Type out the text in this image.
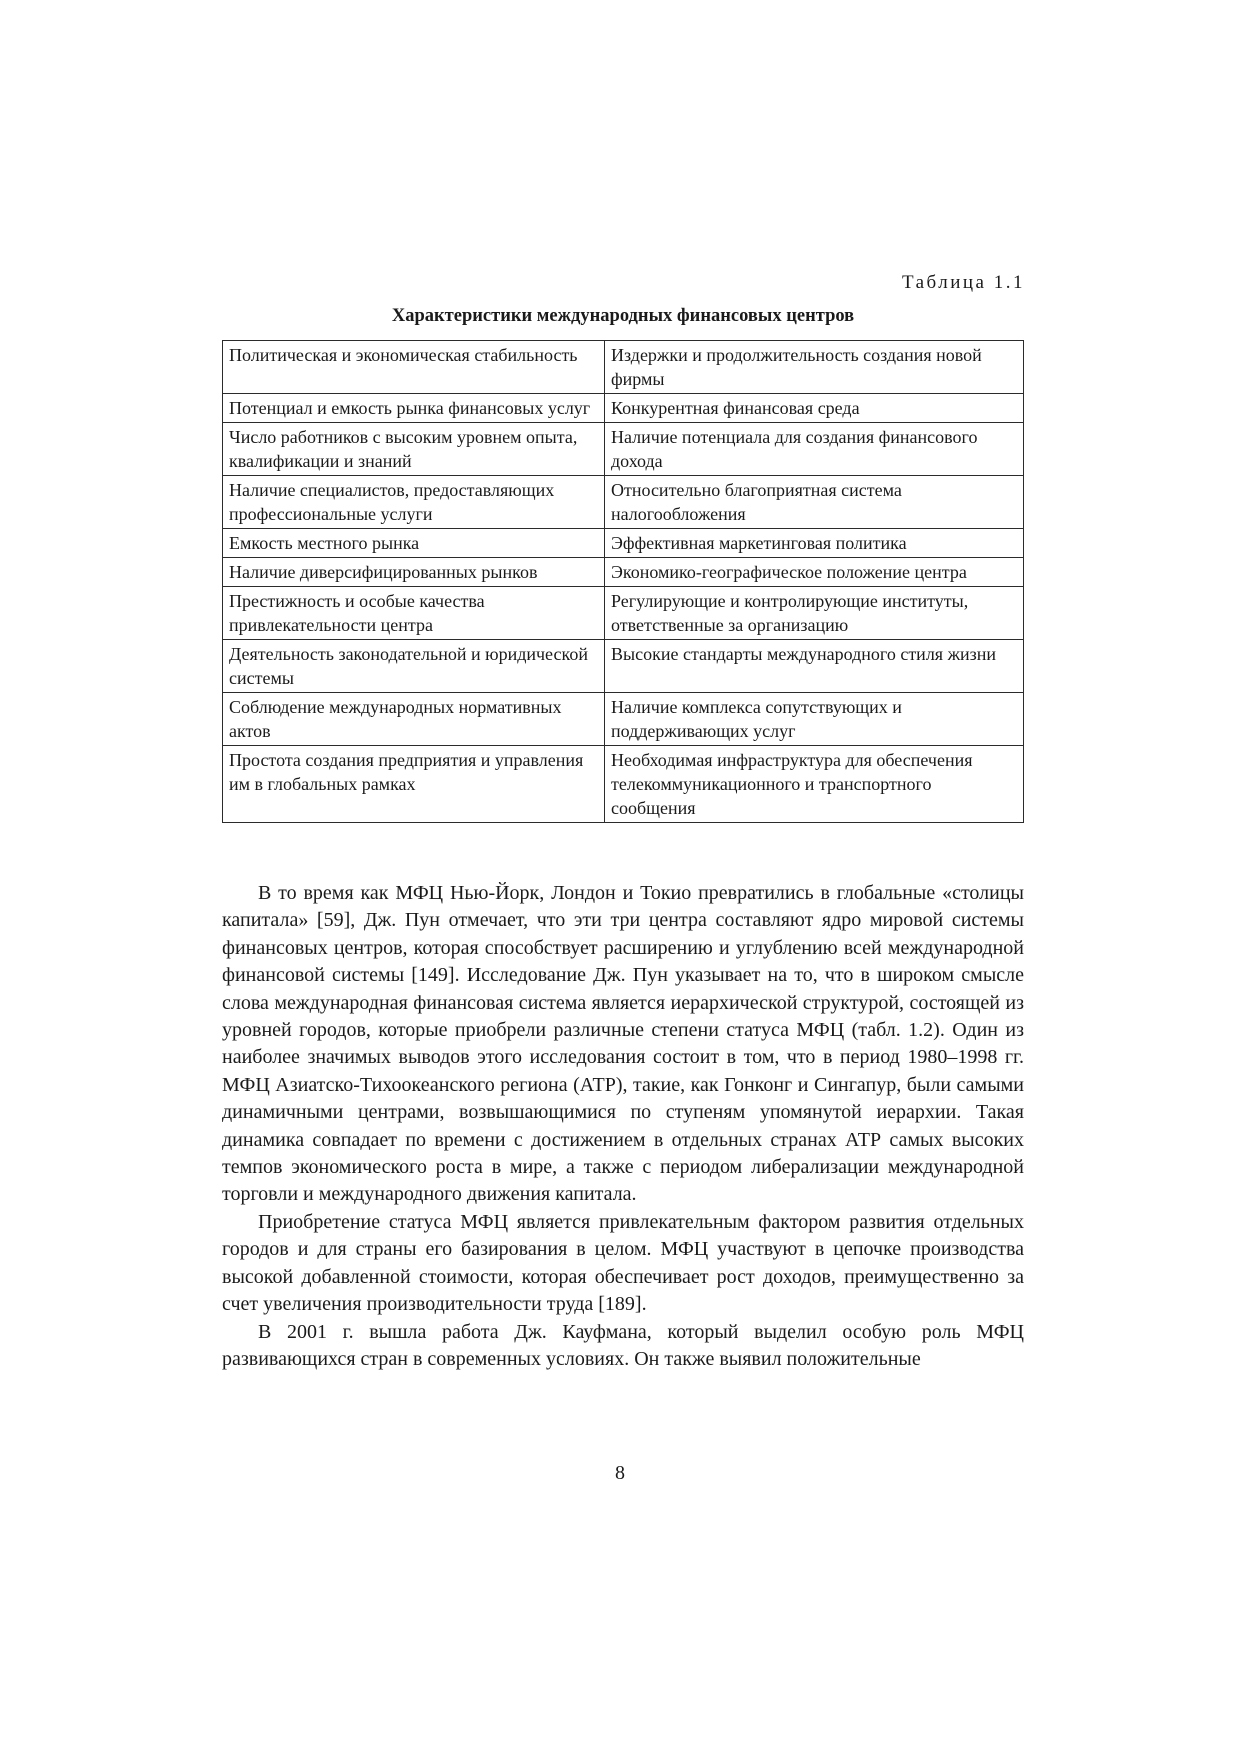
Таблица 1.1
Характеристики международных финансовых центров
Политическая и экономическая стабильность	Издержки и продолжительность создания новой фирмы
Потенциал и емкость рынка финансовых услуг	Конкурентная финансовая среда
Число работников с высоким уровнем опыта, квалификации и знаний	Наличие потенциала для создания финансового дохода
Наличие специалистов, предоставляющих профессиональные услуги	Относительно благоприятная система налогообложения
Емкость местного рынка	Эффективная маркетинговая политика
Наличие диверсифицированных рынков	Экономико-географическое положение центра
Престижность и особые качества привлекательности центра	Регулирующие и контролирующие институты, ответственные за организацию
Деятельность законодательной и юридической системы	Высокие стандарты международного стиля жизни
Соблюдение международных нормативных актов	Наличие комплекса сопутствующих и поддерживающих услуг
Простота создания предприятия и управления им в глобальных рамках	Необходимая инфраструктура для обеспечения телекоммуникационного и транспортного сообщения

В то время как МФЦ Нью-Йорк, Лондон и Токио превратились в глобальные «столицы капитала» [59], Дж. Пун отмечает, что эти три центра составляют ядро мировой системы финансовых центров, которая способствует расширению и углублению всей международной финансовой системы [149]. Исследование Дж. Пун указывает на то, что в широком смысле слова международная финансовая система является иерархической структурой, состоящей из уровней городов, которые приобрели различные степени статуса МФЦ (табл. 1.2). Один из наиболее значимых выводов этого исследования состоит в том, что в период 1980–1998 гг. МФЦ Азиатско-Тихоокеанского региона (АТР), такие, как Гонконг и Сингапур, были самыми динамичными центрами, возвышающимися по ступеням упомянутой иерархии. Такая динамика совпадает по времени с достижением в отдельных странах АТР самых высоких темпов экономического роста в мире, а также с периодом либерализации международной торговли и международного движения капитала.

Приобретение статуса МФЦ является привлекательным фактором развития отдельных городов и для страны его базирования в целом. МФЦ участвуют в цепочке производства высокой добавленной стоимости, которая обеспечивает рост доходов, преимущественно за счет увеличения производительности труда [189].

В 2001 г. вышла работа Дж. Кауфмана, который выделил особую роль МФЦ развивающихся стран в современных условиях. Он также выявил положительные

8
